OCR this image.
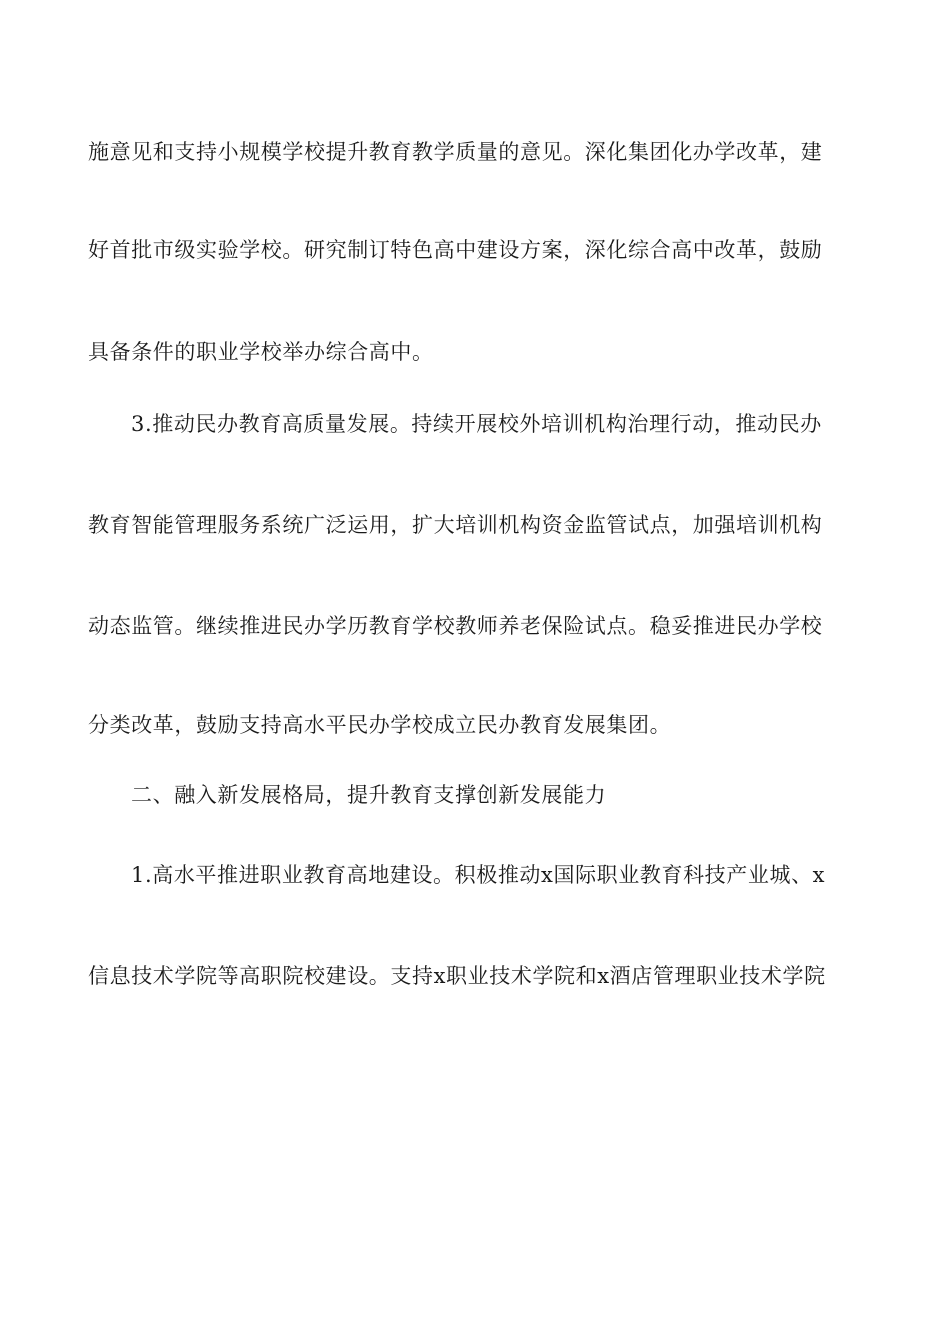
施意见和支持小规模学校提升教育教学质量的意见。深化集团化办学改革，建
好首批市级实验学校。研究制订特色高中建设方案，深化综合高中改革，鼓励
具备条件的职业学校举办综合高中。
3.推动民办教育高质量发展。持续开展校外培训机构治理行动，推动民办
教育智能管理服务系统广泛运用，扩大培训机构资金监管试点，加强培训机构
动态监管。继续推进民办学历教育学校教师养老保险试点。稳妥推进民办学校
分类改革，鼓励支持高水平民办学校成立民办教育发展集团。
二、融入新发展格局，提升教育支撑创新发展能力
1.高水平推进职业教育高地建设。积极推动x国际职业教育科技产业城、x
信息技术学院等高职院校建设。支持x职业技术学院和x酒店管理职业技术学院
